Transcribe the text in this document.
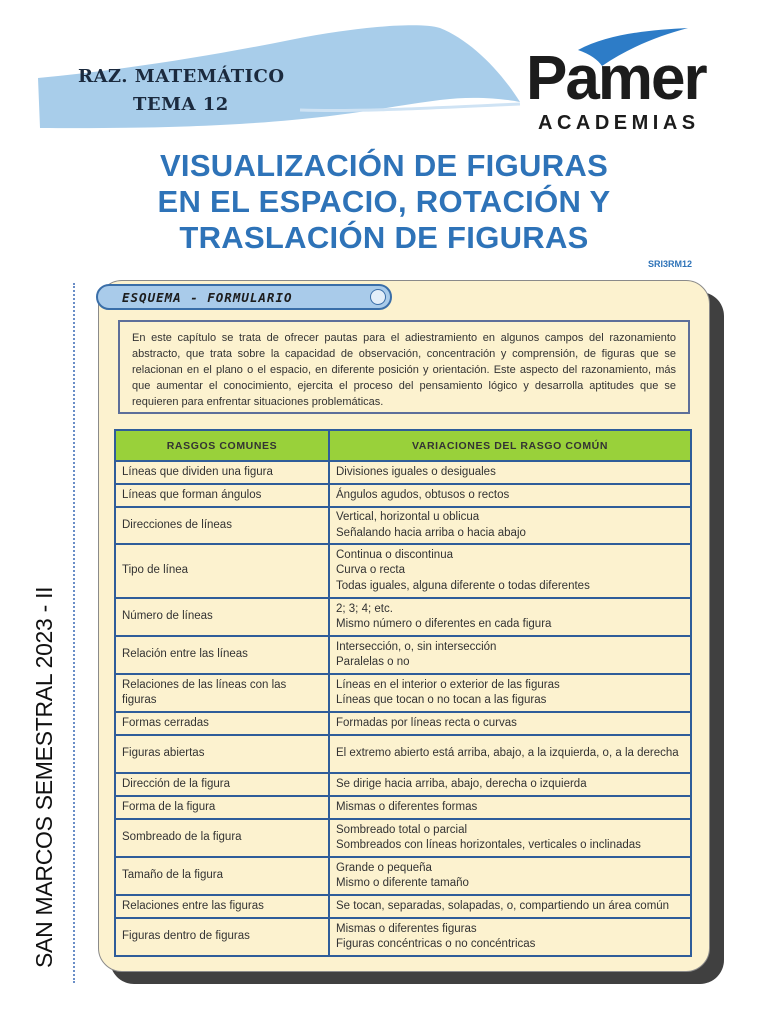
RAZ. MATEMÁTICO
TEMA 12	Pamer
ACADEMIAS
VISUALIZACIÓN DE FIGURAS
EN EL ESPACIO, ROTACIÓN Y
TRASLACIÓN DE FIGURAS
SRI3RM12
SAN MARCOS SEMESTRAL 2023 - II
ESQUEMA - FORMULARIO
En este capítulo se trata de ofrecer pautas para el adiestramiento en algunos campos del razonamiento abstracto, que trata sobre la capacidad de observación, concentración y comprensión, de figuras que se relacionan en el plano o el espacio, en diferente posición y orientación. Este aspecto del razonamiento, más que aumentar el conocimiento, ejercita el proceso del pensamiento lógico y desarrolla aptitudes que se requieren para enfrentar situaciones problemáticas.
RASGOS COMUNES	VARIACIONES DEL RASGO COMÚN
Líneas que dividen una figura	Divisiones iguales o desiguales

Líneas que forman ángulos	Ángulos agudos, obtusos o rectos

Direcciones de líneas	Vertical, horizontal u oblicua
Señalando hacia arriba o hacia abajo

Tipo de línea	Continua o discontinua
Curva o recta
Todas iguales, alguna diferente o todas diferentes

Número de líneas	2; 3; 4; etc.
Mismo número o diferentes en cada figura

Relación entre las líneas	Intersección, o, sin intersección
Paralelas o no

Relaciones de las líneas con las figuras	Líneas en el interior o exterior de las figuras
Líneas que tocan o no tocan a las figuras

Formas cerradas	Formadas por líneas recta o curvas

Figuras abiertas	El extremo abierto está arriba, abajo, a la izquierda, o, a la derecha

Dirección de la figura	Se dirige hacia arriba, abajo, derecha o izquierda

Forma de la figura	Mismas o diferentes formas

Sombreado de la figura	Sombreado total o parcial
Sombreados con líneas horizontales, verticales o inclinadas

Tamaño de la figura	Grande o pequeña
Mismo o diferente tamaño

Relaciones entre las figuras	Se tocan, separadas, solapadas, o, compartiendo un área común

Figuras dentro de figuras	Mismas o diferentes figuras
Figuras concéntricas o no concéntricas
